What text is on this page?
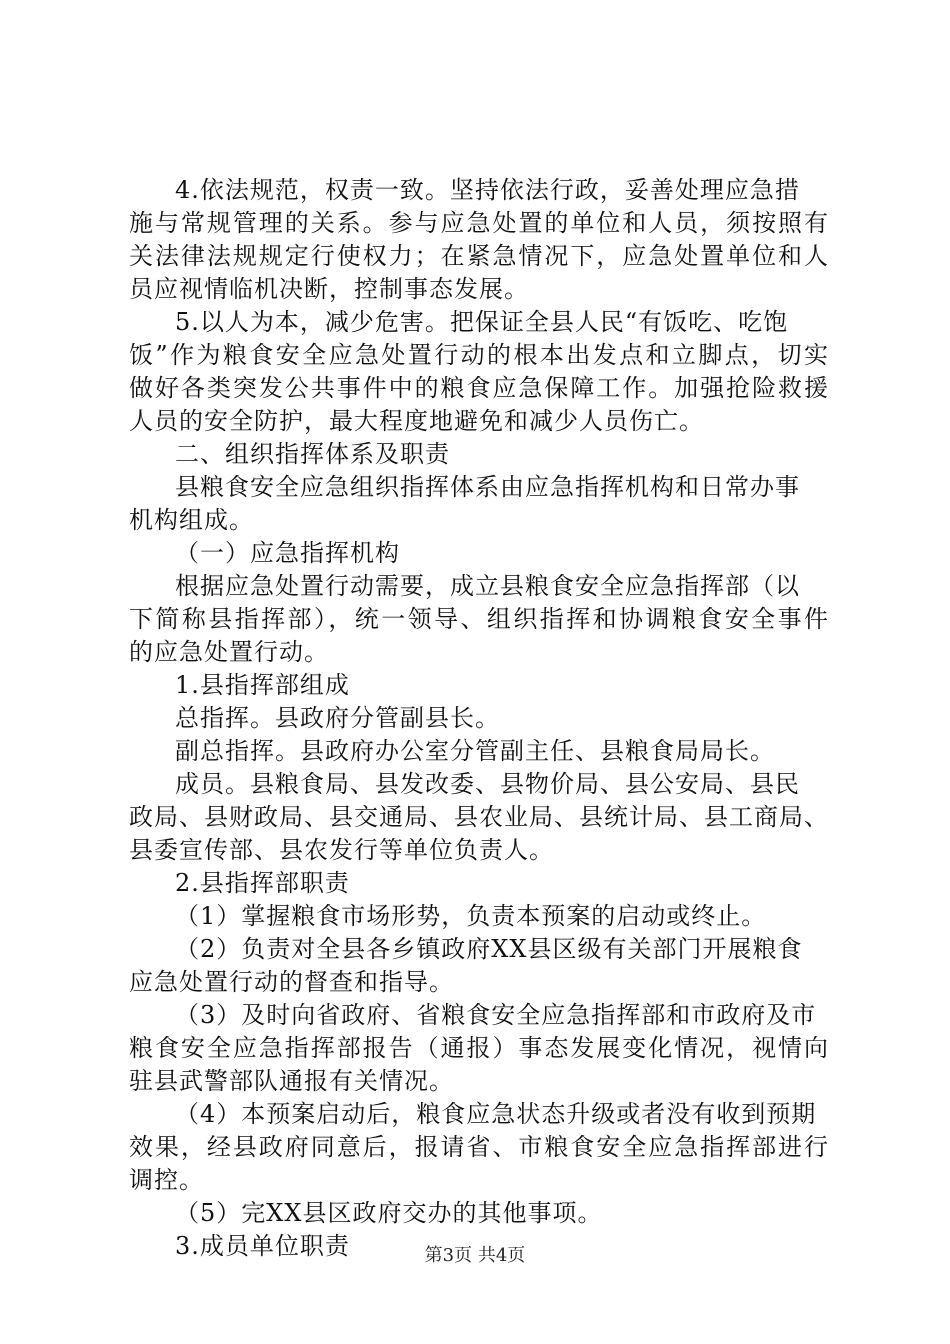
4.依法规范，权责一致。坚持依法行政，妥善处理应急措
施与常规管理的关系。参与应急处置的单位和人员，须按照有
关法律法规规定行使权力；在紧急情况下，应急处置单位和人
员应视情临机决断，控制事态发展。
5.以人为本，减少危害。把保证全县人民“有饭吃、吃饱
饭”作为粮食安全应急处置行动的根本出发点和立脚点，切实
做好各类突发公共事件中的粮食应急保障工作。加强抢险救援
人员的安全防护，最大程度地避免和减少人员伤亡。
二、组织指挥体系及职责
县粮食安全应急组织指挥体系由应急指挥机构和日常办事
机构组成。
（一）应急指挥机构
根据应急处置行动需要，成立县粮食安全应急指挥部（以
下简称县指挥部），统一领导、组织指挥和协调粮食安全事件
的应急处置行动。
1.县指挥部组成
总指挥。县政府分管副县长。
副总指挥。县政府办公室分管副主任、县粮食局局长。
成员。县粮食局、县发改委、县物价局、县公安局、县民
政局、县财政局、县交通局、县农业局、县统计局、县工商局、
县委宣传部、县农发行等单位负责人。
2.县指挥部职责
（1）掌握粮食市场形势，负责本预案的启动或终止。
（2）负责对全县各乡镇政府XX县区级有关部门开展粮食
应急处置行动的督查和指导。
（3）及时向省政府、省粮食安全应急指挥部和市政府及市
粮食安全应急指挥部报告（通报）事态发展变化情况，视情向
驻县武警部队通报有关情况。
（4）本预案启动后，粮食应急状态升级或者没有收到预期
效果，经县政府同意后，报请省、市粮食安全应急指挥部进行
调控。
（5）完XX县区政府交办的其他事项。
3.成员单位职责	第3页 共4页
